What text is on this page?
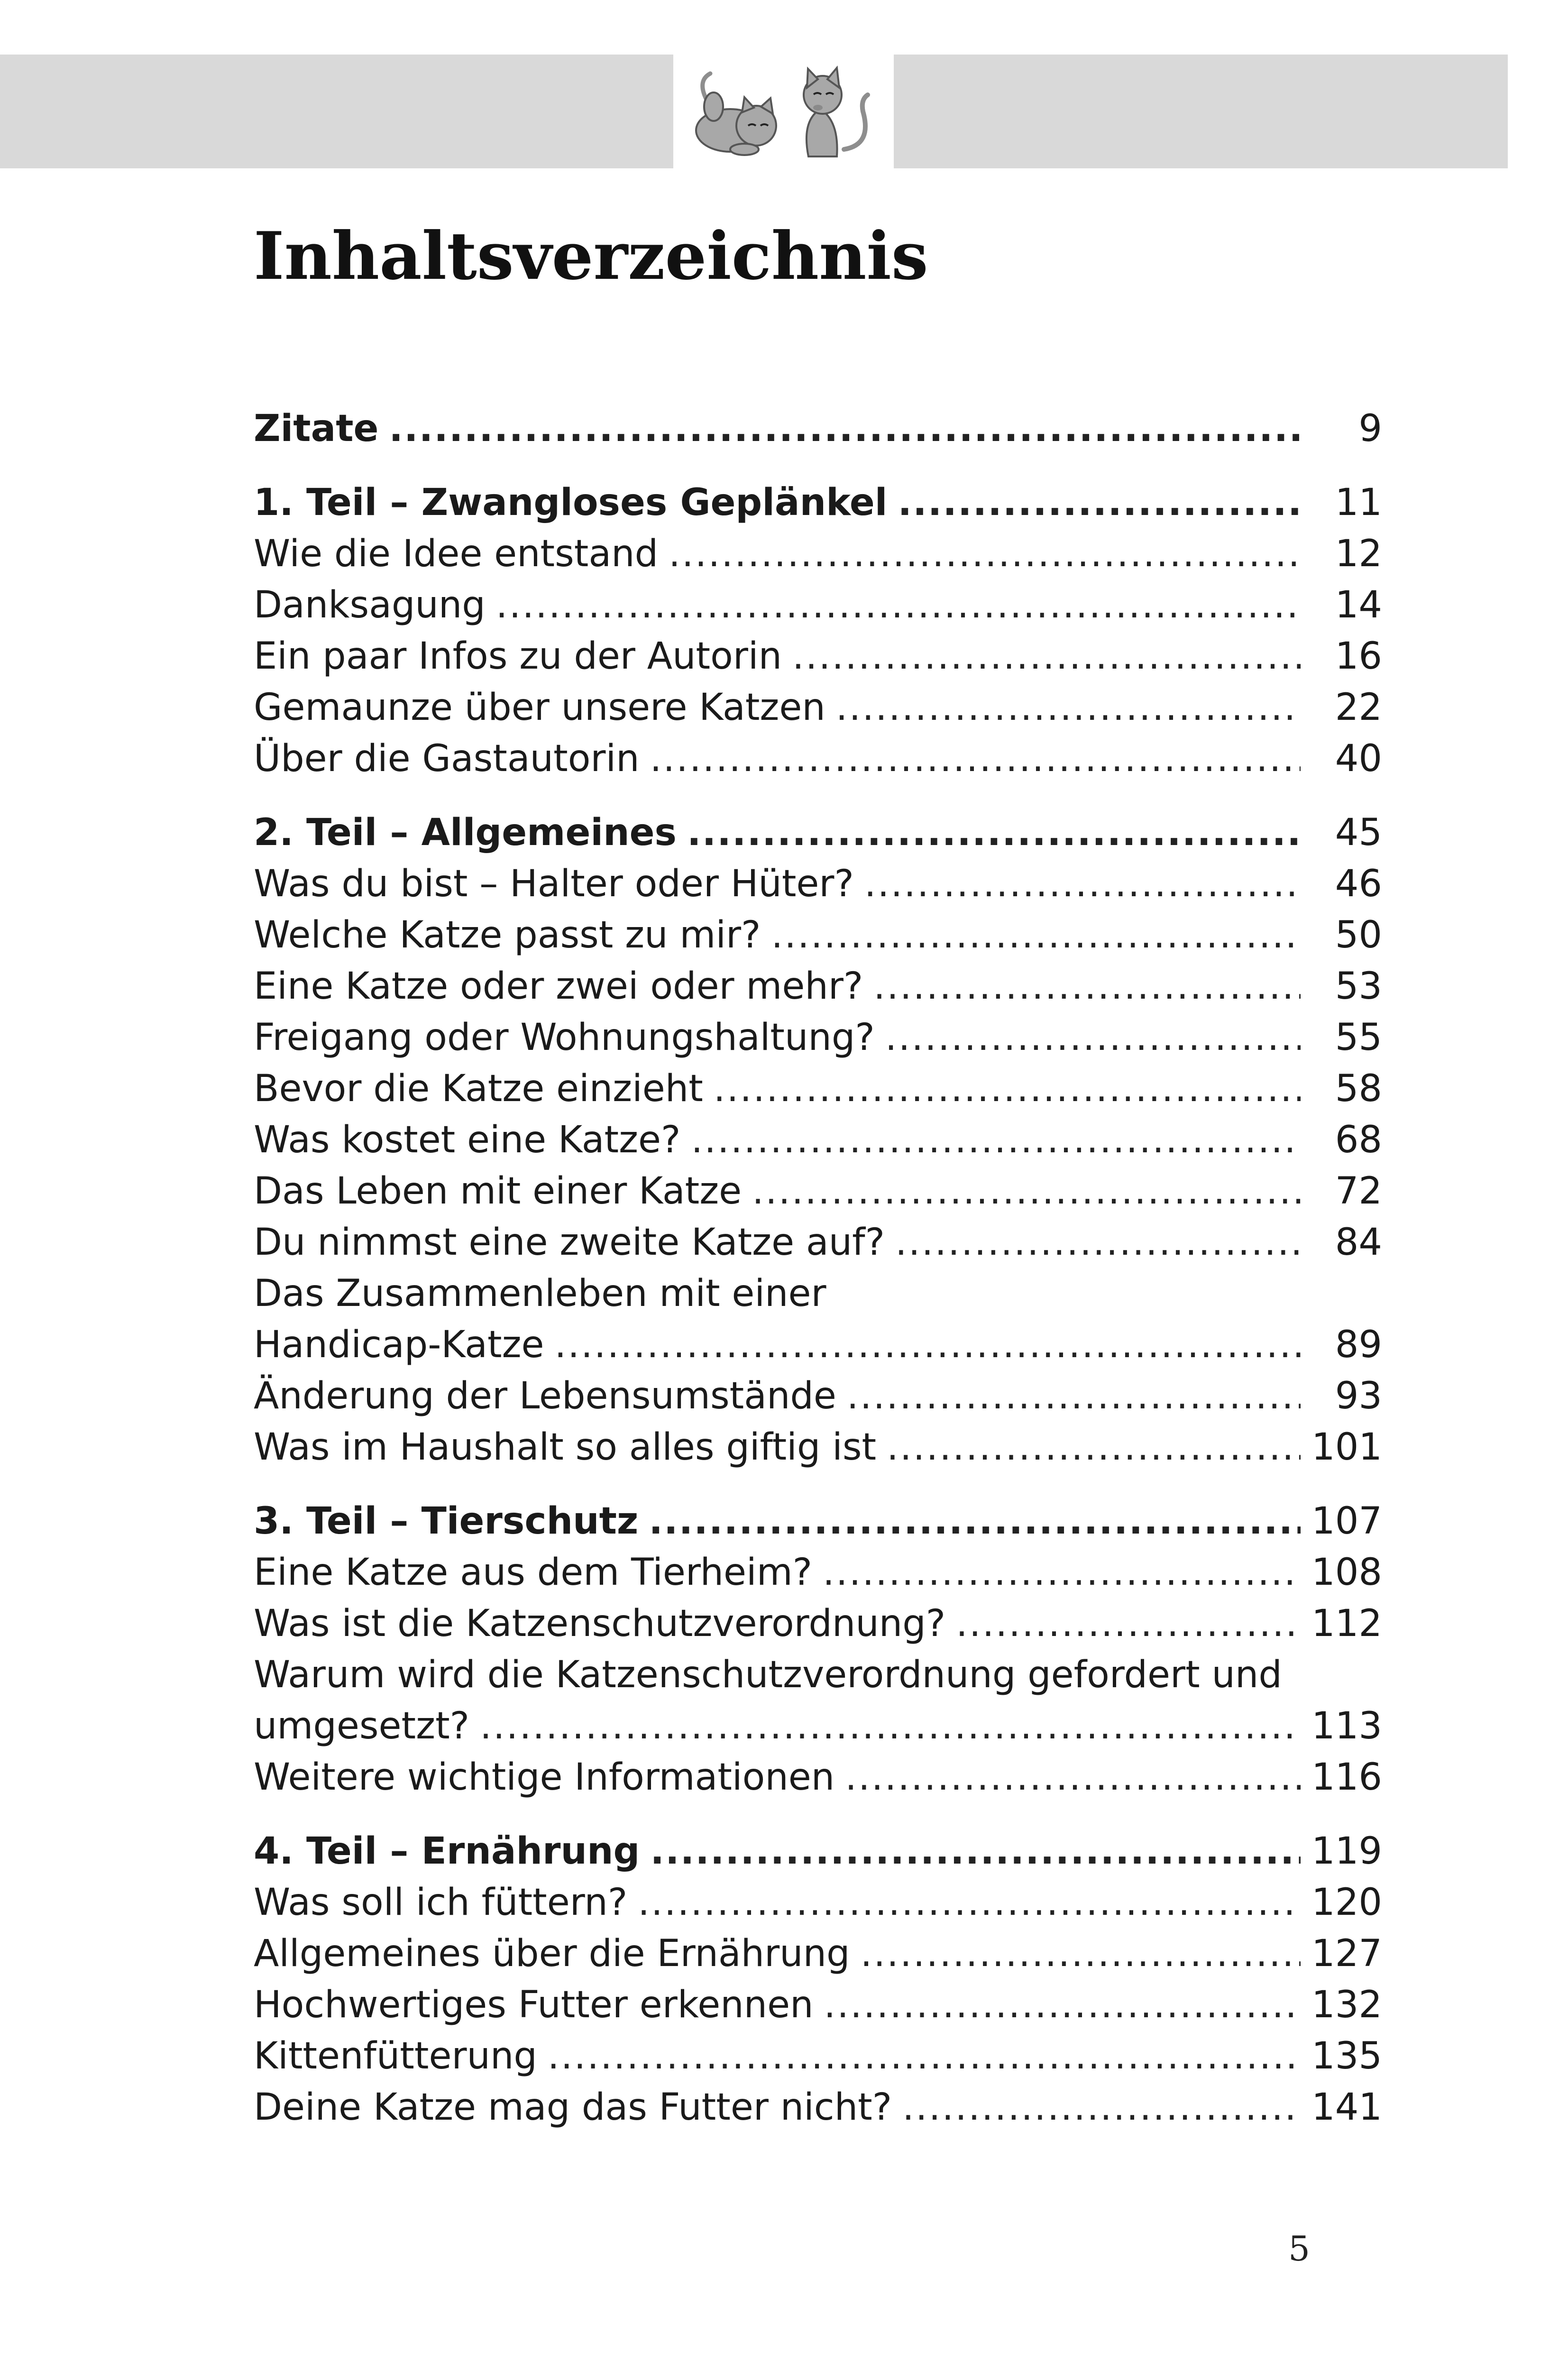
Inhaltsverzeichnis
Zitate .....	9
1. Teil – Zwangloses Geplänkel .....	11
Wie die Idee entstand .....	12
Danksagung .....	14
Ein paar Infos zu der Autorin .....	16
Gemaunze über unsere Katzen .....	22
Über die Gastautorin .....	40
2. Teil – Allgemeines .....	45
Was du bist – Halter oder Hüter? .....	46
Welche Katze passt zu mir? .....	50
Eine Katze oder zwei oder mehr? .....	53
Freigang oder Wohnungshaltung? .....	55
Bevor die Katze einzieht .....	58
Was kostet eine Katze? .....	68
Das Leben mit einer Katze .....	72
Du nimmst eine zweite Katze auf? .....	84
Das Zusammenleben mit einer
Handicap-Katze .....	89
Änderung der Lebensumstände .....	93
Was im Haushalt so alles giftig ist .....	101
3. Teil – Tierschutz .....	107
Eine Katze aus dem Tierheim? .....	108
Was ist die Katzenschutzverordnung? .....	112
Warum wird die Katzenschutzverordnung gefordert und
umgesetzt? .....	113
Weitere wichtige Informationen .....	116
4. Teil – Ernährung .....	119
Was soll ich füttern? .....	120
Allgemeines über die Ernährung .....	127
Hochwertiges Futter erkennen .....	132
Kittenfütterung .....	135
Deine Katze mag das Futter nicht? .....	141
5
